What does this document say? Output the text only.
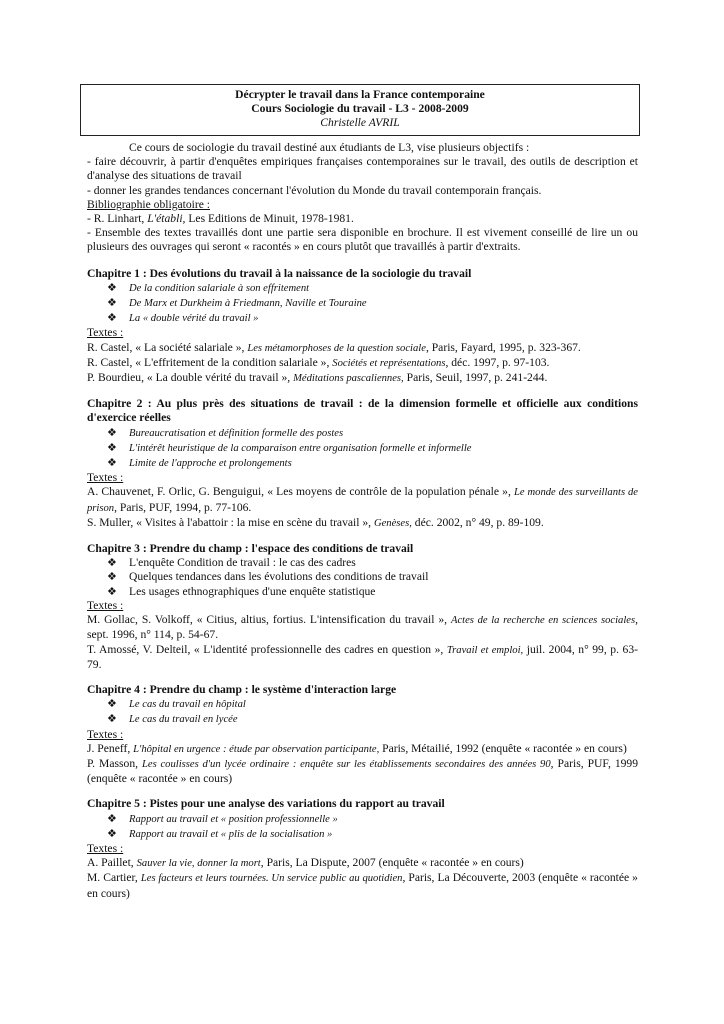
Décrypter le travail dans la France contemporaine
Cours Sociologie du travail - L3 - 2008-2009
Christelle AVRIL

Ce cours de sociologie du travail destiné aux étudiants de L3, vise plusieurs objectifs :

- faire découvrir, à partir d'enquêtes empiriques françaises contemporaines sur le travail, des outils de description et d'analyse des situations de travail

- donner les grandes tendances concernant l'évolution du Monde du travail contemporain français.

Bibliographie obligatoire :

- R. Linhart, L'établi, Les Editions de Minuit, 1978-1981.

- Ensemble des textes travaillés dont une partie sera disponible en brochure. Il est vivement conseillé de lire un ou plusieurs des ouvrages qui seront « racontés » en cours plutôt que travaillés à partir d'extraits.

Chapitre 1 : Des évolutions du travail à la naissance de la sociologie du travail
❖ De la condition salariale à son effritement
❖ De Marx et Durkheim à Friedmann, Naville et Touraine
❖ La « double vérité du travail »

Textes :

R. Castel, « La société salariale », Les métamorphoses de la question sociale, Paris, Fayard, 1995, p. 323-367.

R. Castel, « L'effritement de la condition salariale », Sociétés et représentations, déc. 1997, p. 97-103.

P. Bourdieu, « La double vérité du travail », Méditations pascaliennes, Paris, Seuil, 1997, p. 241-244.

Chapitre 2 : Au plus près des situations de travail : de la dimension formelle et officielle aux conditions d'exercice réelles
❖ Bureaucratisation et définition formelle des postes
❖ L'intérêt heuristique de la comparaison entre organisation formelle et informelle
❖ Limite de l'approche et prolongements

Textes :

A. Chauvenet, F. Orlic, G. Benguigui, « Les moyens de contrôle de la population pénale », Le monde des surveillants de prison, Paris, PUF, 1994, p. 77-106.

S. Muller, « Visites à l'abattoir : la mise en scène du travail », Genèses, déc. 2002, n° 49, p. 89-109.

Chapitre 3 : Prendre du champ : l'espace des conditions de travail
❖ L'enquête Condition de travail : le cas des cadres
❖ Quelques tendances dans les évolutions des conditions de travail
❖ Les usages ethnographiques d'une enquête statistique

Textes :

M. Gollac, S. Volkoff, « Citius, altius, fortius. L'intensification du travail », Actes de la recherche en sciences sociales, sept. 1996, n° 114, p. 54-67.

T. Amossé, V. Delteil, « L'identité professionnelle des cadres en question », Travail et emploi, juil. 2004, n° 99, p. 63-79.

Chapitre 4 : Prendre du champ : le système d'interaction large
❖ Le cas du travail en hôpital
❖ Le cas du travail en lycée

Textes :

J. Peneff, L'hôpital en urgence : étude par observation participante, Paris, Métailié, 1992 (enquête « racontée » en cours)

P. Masson, Les coulisses d'un lycée ordinaire : enquête sur les établissements secondaires des années 90, Paris, PUF, 1999 (enquête « racontée » en cours)

Chapitre 5 : Pistes pour une analyse des variations du rapport au travail
❖ Rapport au travail et « position professionnelle »
❖ Rapport au travail et « plis de la socialisation »

Textes :

A. Paillet, Sauver la vie, donner la mort, Paris, La Dispute, 2007 (enquête « racontée » en cours)

M. Cartier, Les facteurs et leurs tournées. Un service public au quotidien, Paris, La Découverte, 2003 (enquête « racontée » en cours)
